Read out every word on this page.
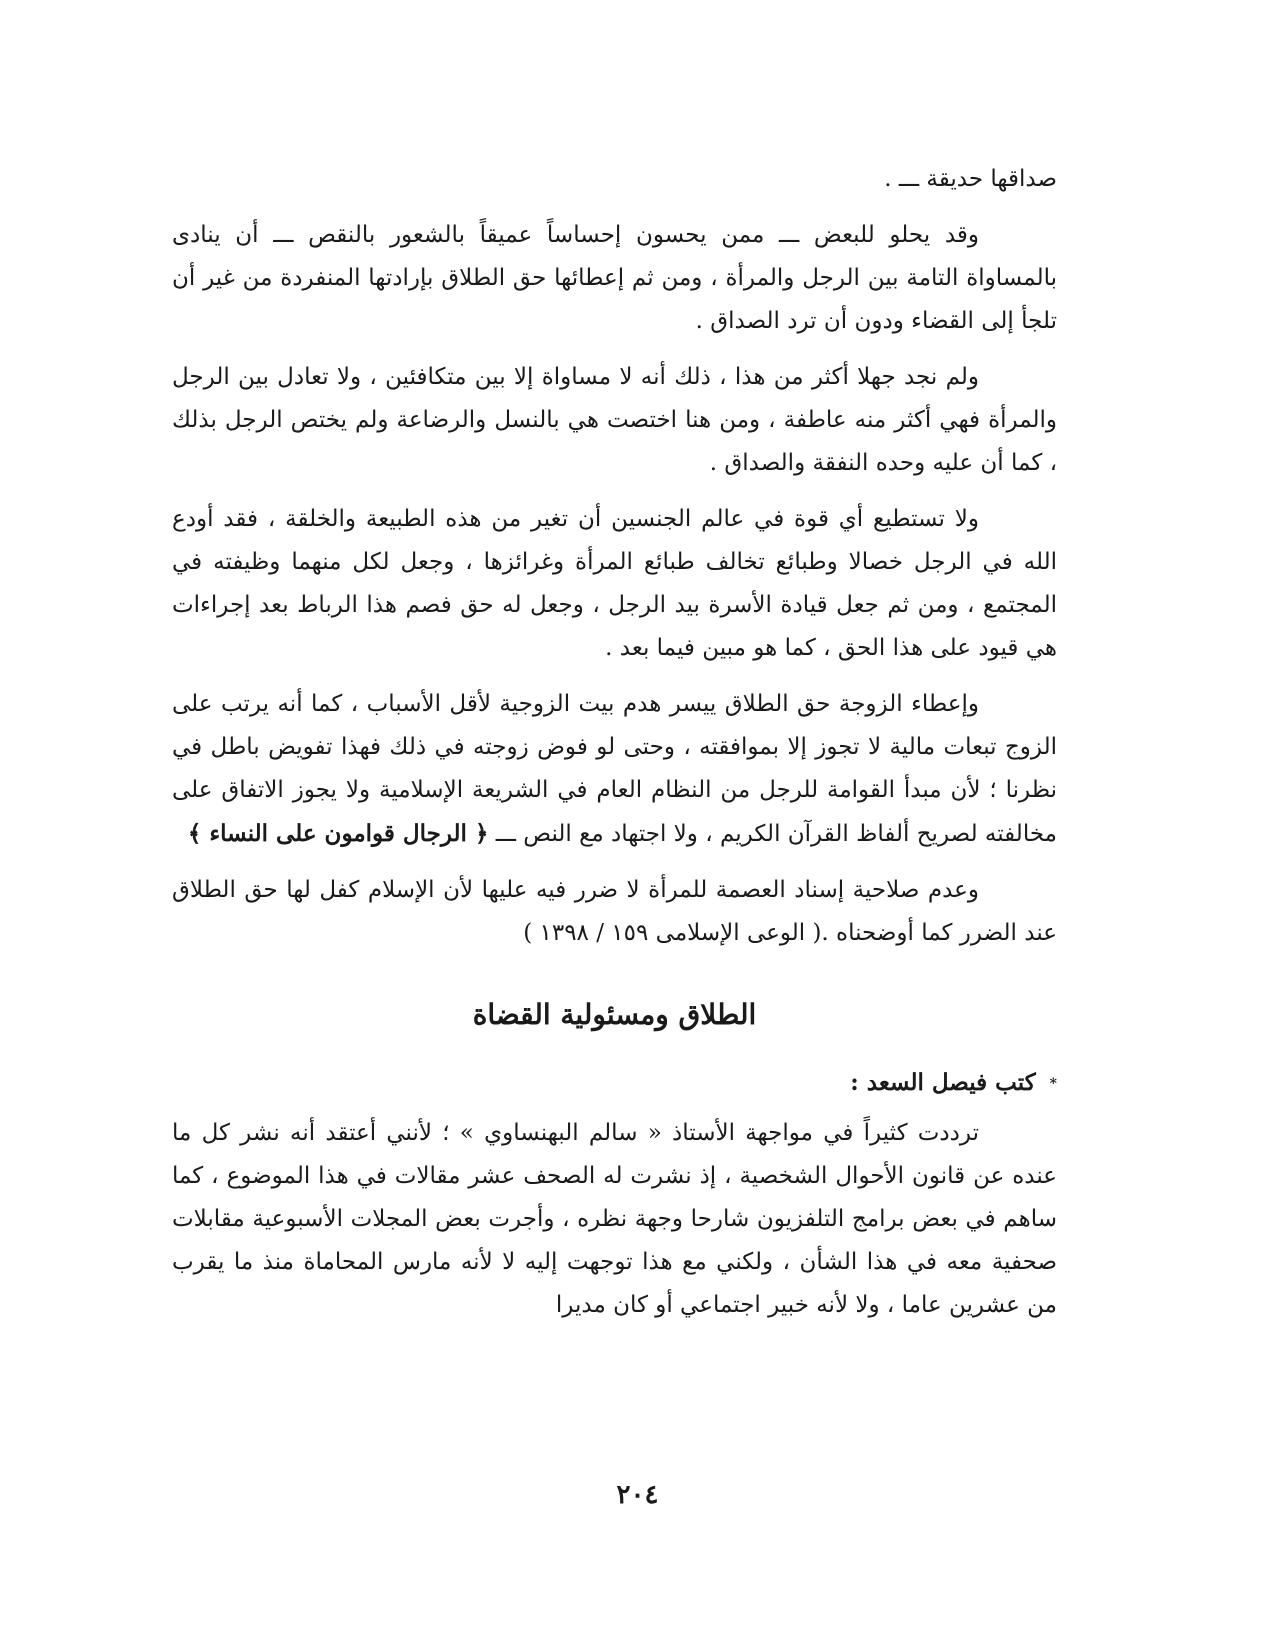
صداقها حديقة ـــ .

وقد يحلو للبعض ـــ ممن يحسون إحساساً عميقاً بالشعور بالنقص ـــ أن ينادى بالمساواة التامة بين الرجل والمرأة ، ومن ثم إعطائها حق الطلاق بإرادتها المنفردة من غير أن تلجأ إلى القضاء ودون أن ترد الصداق .

ولم نجد جهلا أكثر من هذا ، ذلك أنه لا مساواة إلا بين متكافئين ، ولا تعادل بين الرجل والمرأة فهي أكثر منه عاطفة ، ومن هنا اختصت هي بالنسل والرضاعة ولم يختص الرجل بذلك ، كما أن عليه وحده النفقة والصداق .

ولا تستطيع أي قوة في عالم الجنسين أن تغير من هذه الطبيعة والخلقة ، فقد أودع الله في الرجل خصالا وطبائع تخالف طبائع المرأة وغرائزها ، وجعل لكل منهما وظيفته في المجتمع ، ومن ثم جعل قيادة الأسرة بيد الرجل ، وجعل له حق فصم هذا الرباط بعد إجراءات هي قيود على هذا الحق ، كما هو مبين فيما بعد .

وإعطاء الزوجة حق الطلاق ييسر هدم بيت الزوجية لأقل الأسباب ، كما أنه يرتب على الزوج تبعات مالية لا تجوز إلا بموافقته ، وحتى لو فوض زوجته في ذلك فهذا تفويض باطل في نظرنا ؛ لأن مبدأ القوامة للرجل من النظام العام في الشريعة الإسلامية ولا يجوز الاتفاق على مخالفته لصريح ألفاظ القرآن الكريم ، ولا اجتهاد مع النص ـــ ﴿ الرجال قوامون على النساء ﴾

وعدم صلاحية إسناد العصمة للمرأة لا ضرر فيه عليها لأن الإسلام كفل لها حق الطلاق عند الضرر كما أوضحناه .( الوعى الإسلامى ١٥٩ / ١٣٩٨ )

الطلاق ومسئولية القضاة
* كتب فيصل السعد :

ترددت كثيراً في مواجهة الأستاذ « سالم البهنساوي » ؛ لأنني أعتقد أنه نشر كل ما عنده عن قانون الأحوال الشخصية ، إذ نشرت له الصحف عشر مقالات في هذا الموضوع ، كما ساهم في بعض برامج التلفزيون شارحا وجهة نظره ، وأجرت بعض المجلات الأسبوعية مقابلات صحفية معه في هذا الشأن ، ولكني مع هذا توجهت إليه لا لأنه مارس المحاماة منذ ما يقرب من عشرين عاما ، ولا لأنه خبير اجتماعي أو كان مديرا

٢٠٤
